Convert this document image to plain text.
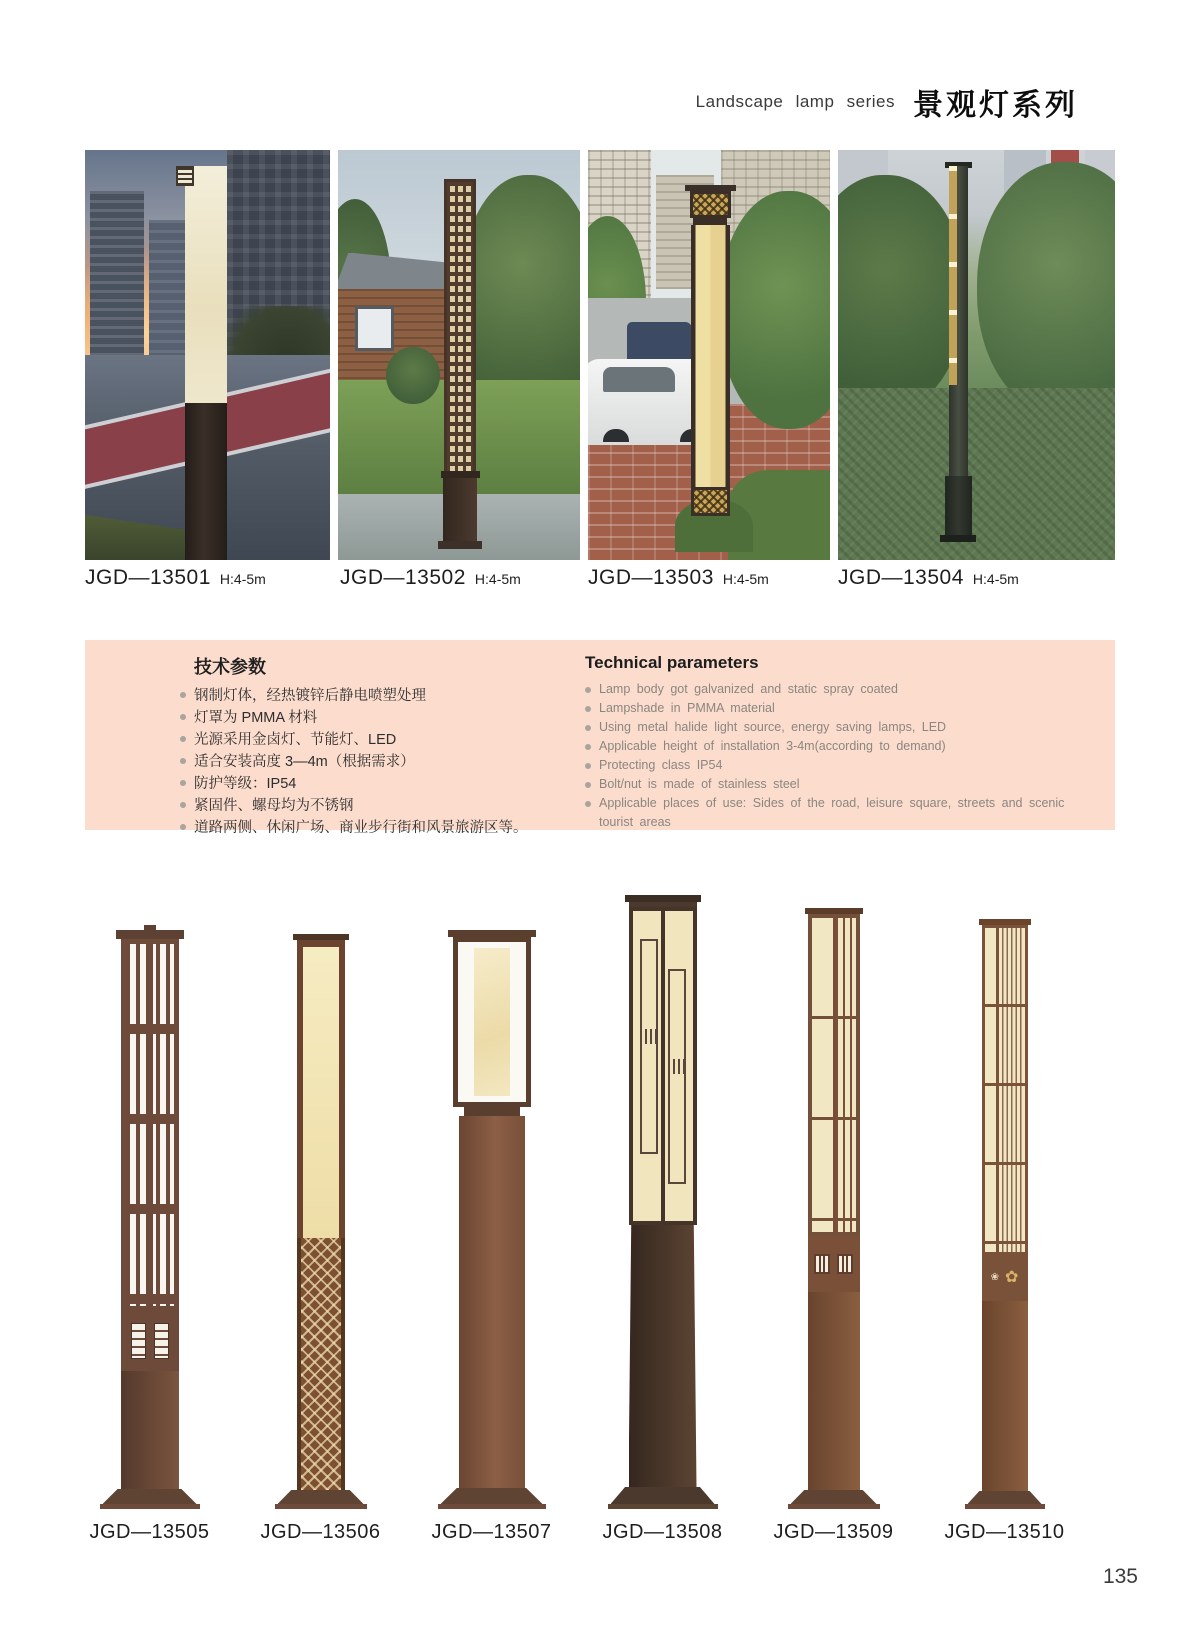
Landscape lamp series 景观灯系列
JGD—13501 H:4-5m	JGD—13502 H:4-5m	JGD—13503 H:4-5m	JGD—13504 H:4-5m
技术参数
钢制灯体，经热镀锌后静电喷塑处理
灯罩为 PMMA 材料
光源采用金卤灯、节能灯、LED
适合安装高度 3—4m（根据需求）
防护等级：IP54
紧固件、螺母均为不锈钢
道路两侧、休闲广场、商业步行街和风景旅游区等。
Technical parameters
Lamp body got galvanized and static spray coated
Lampshade in PMMA material
Using metal halide light source, energy saving lamps, LED
Applicable height of installation 3-4m(according to demand)
Protecting class IP54
Bolt/nut is made of stainless steel
Applicable places of use: Sides of the road, leisure square, streets and scenic tourist areas
JGD—13505	JGD—13506	JGD—13507	JGD—13508	JGD—13509
❀ ✿
JGD—13510
135
